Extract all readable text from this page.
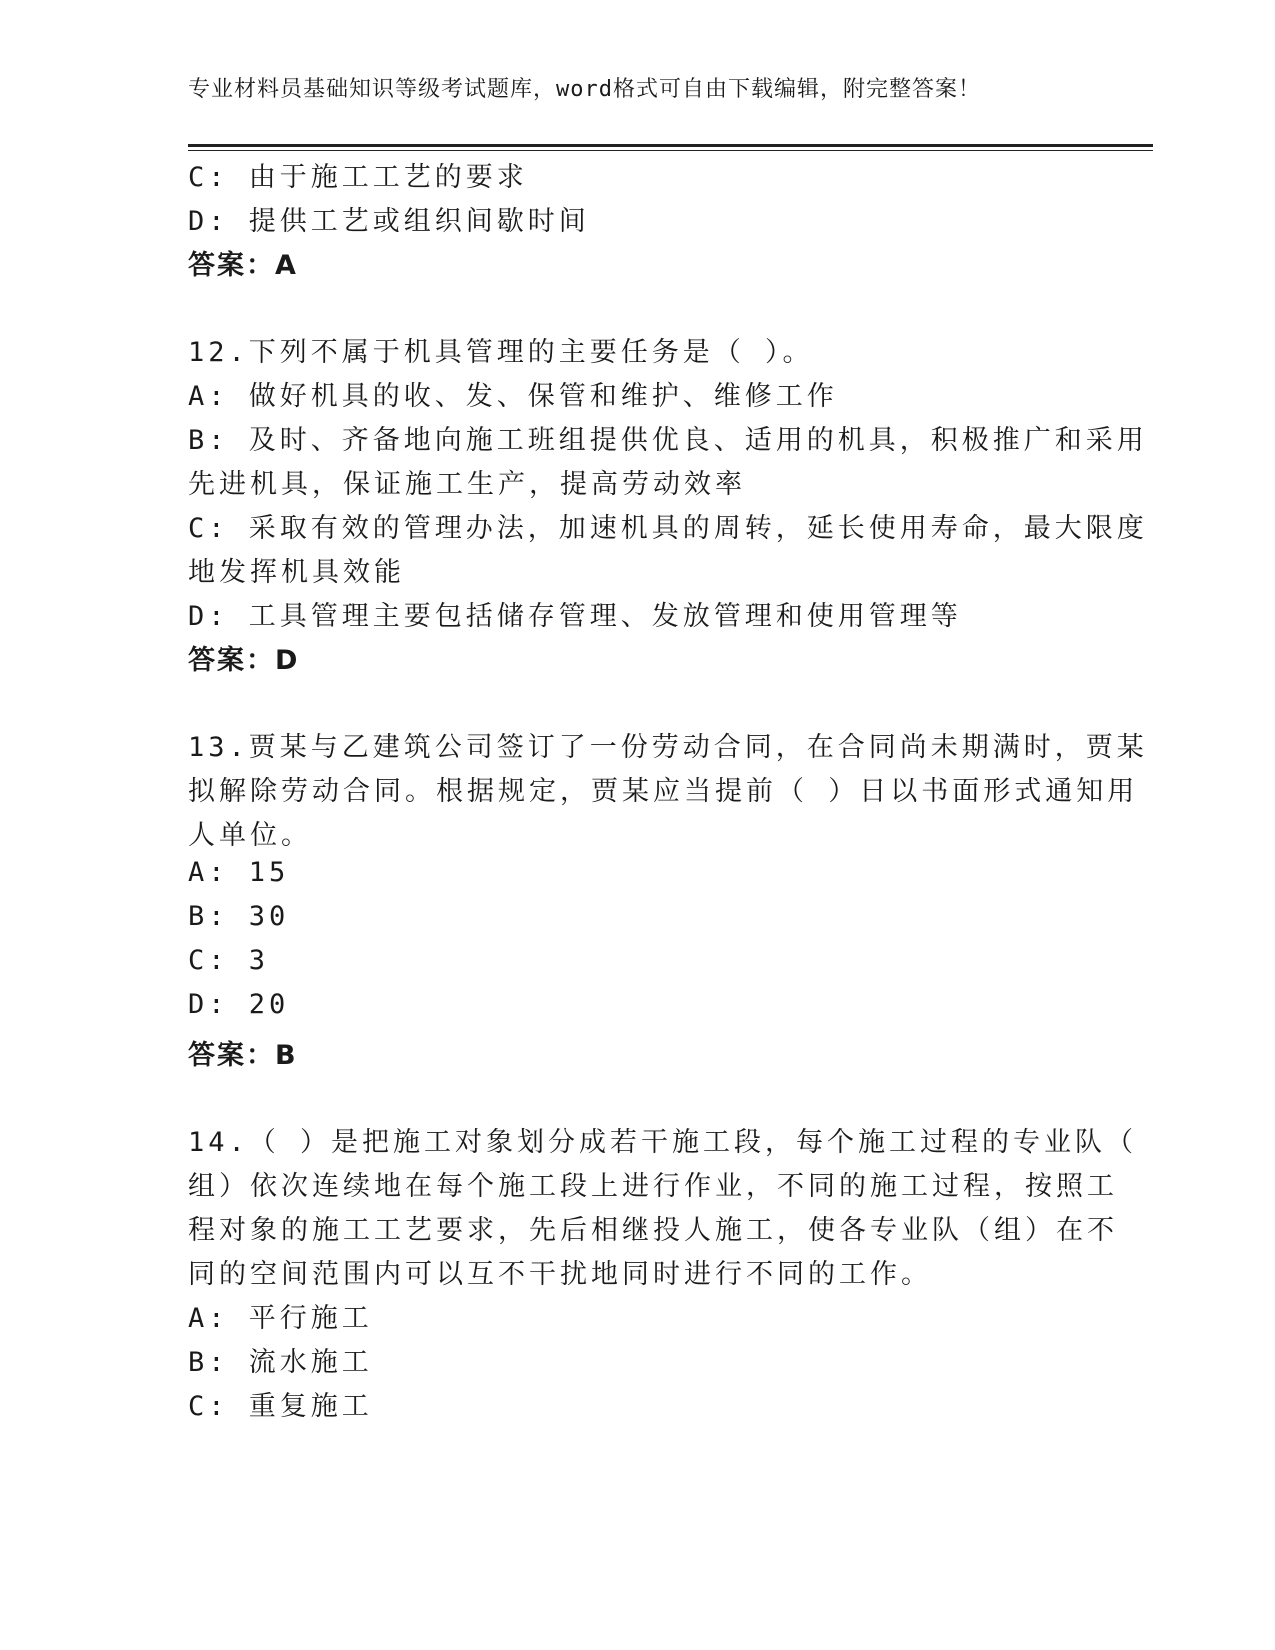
专业材料员基础知识等级考试题库，word格式可自由下载编辑，附完整答案！
C: 由于施工工艺的要求
D: 提供工艺或组织间歇时间
答案：A
12.下列不属于机具管理的主要任务是（ ）。
A: 做好机具的收、发、保管和维护、维修工作
B: 及时、齐备地向施工班组提供优良、适用的机具，积极推广和采用
先进机具，保证施工生产，提高劳动效率
C: 采取有效的管理办法，加速机具的周转，延长使用寿命，最大限度
地发挥机具效能
D: 工具管理主要包括储存管理、发放管理和使用管理等
答案：D
13.贾某与乙建筑公司签订了一份劳动合同，在合同尚未期满时，贾某
拟解除劳动合同。根据规定，贾某应当提前（ ）日以书面形式通知用
人单位。
A: 15
B: 30
C: 3
D: 20
答案：B
14.（ ）是把施工对象划分成若干施工段，每个施工过程的专业队（
组）依次连续地在每个施工段上进行作业，不同的施工过程，按照工
程对象的施工工艺要求，先后相继投人施工，使各专业队（组）在不
同的空间范围内可以互不干扰地同时进行不同的工作。
A: 平行施工
B: 流水施工
C: 重复施工
